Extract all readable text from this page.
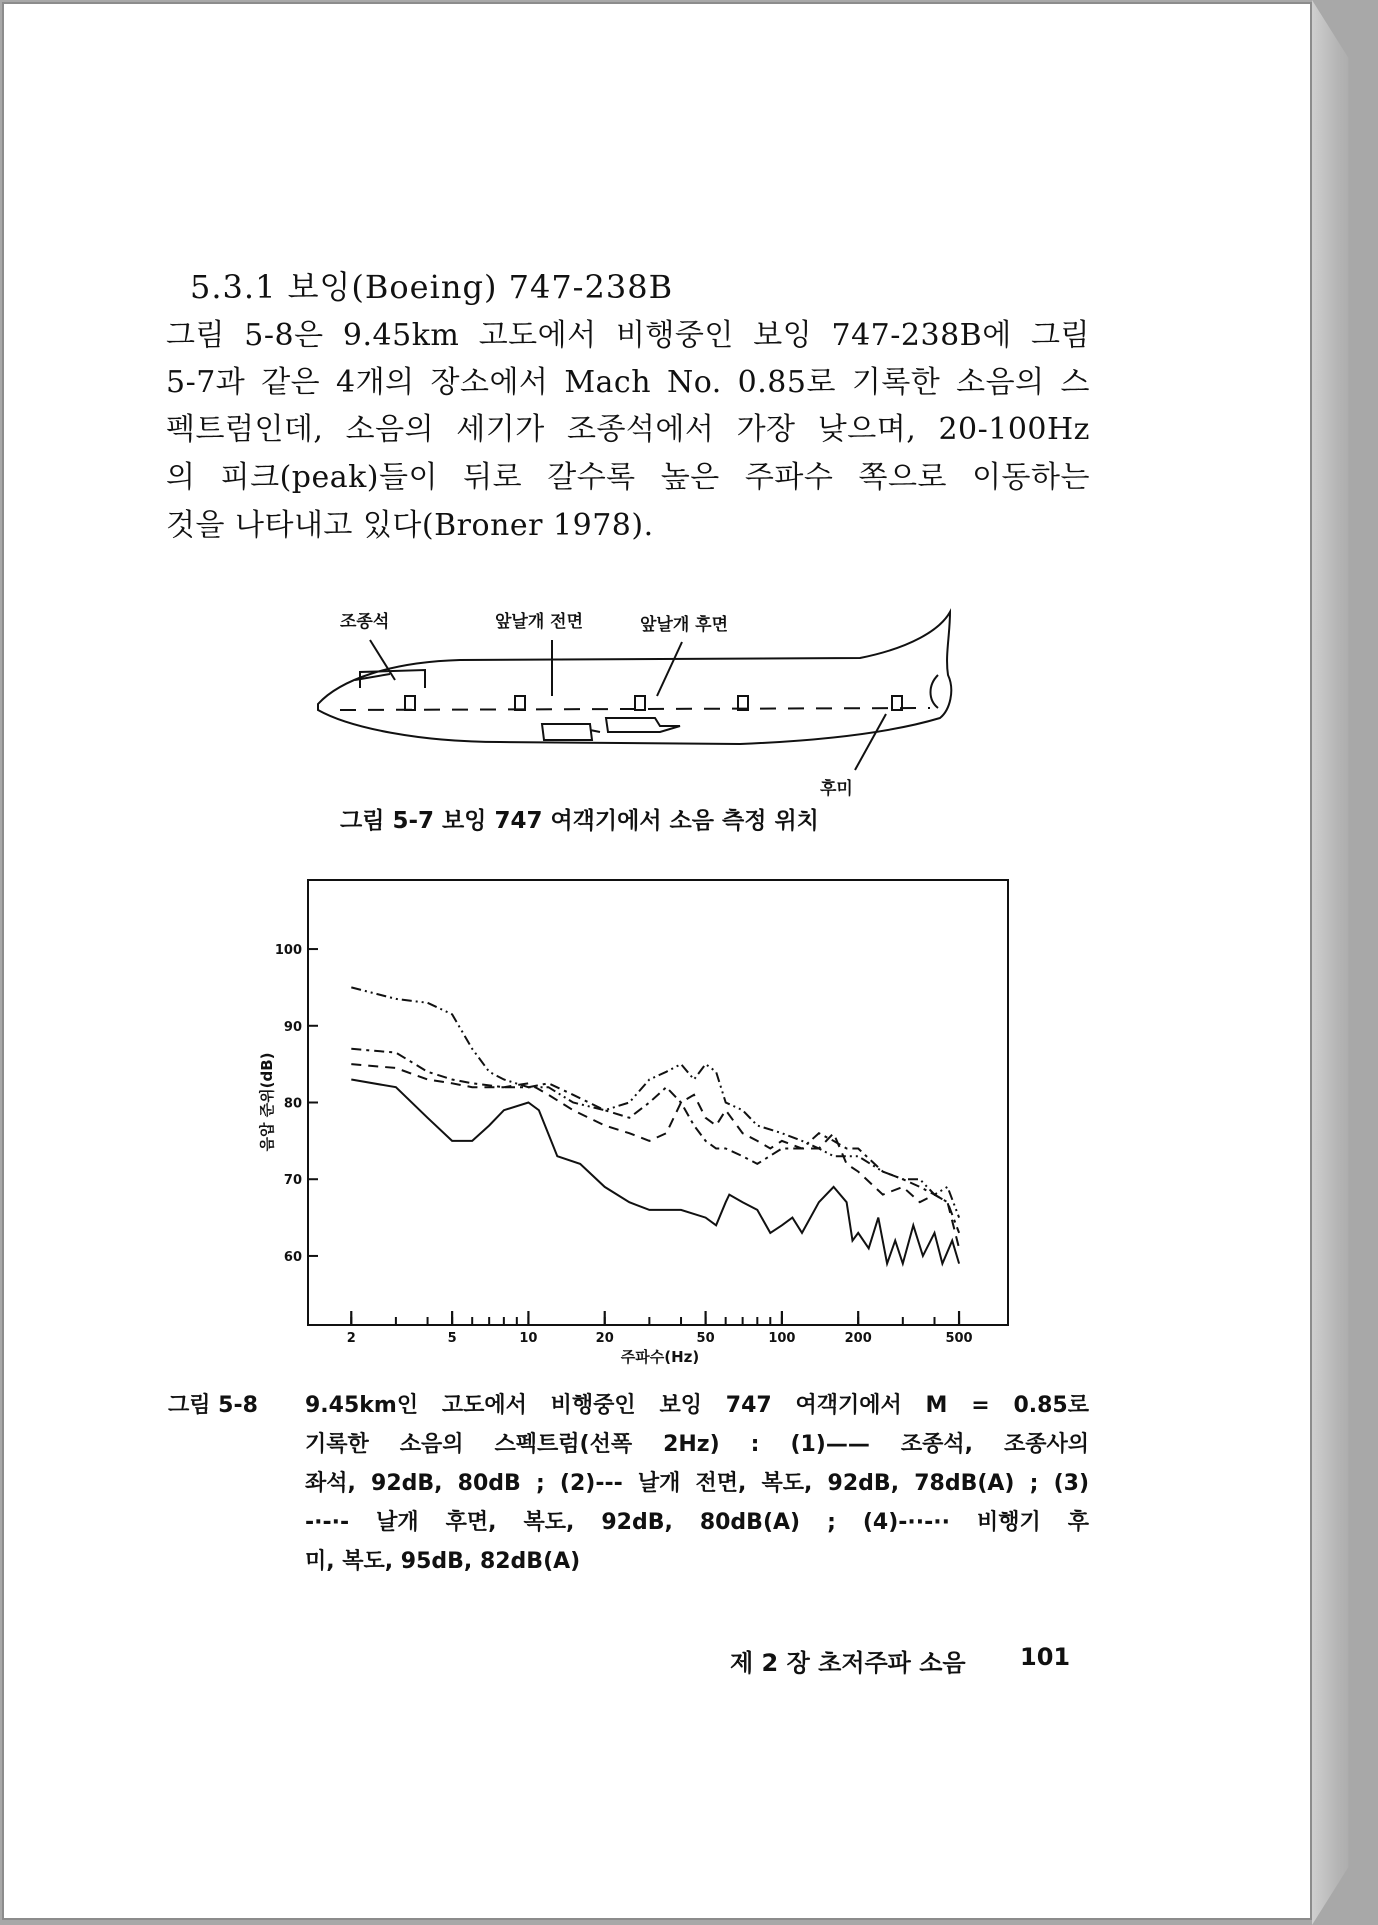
5.3.1 보잉(Boeing) 747-238B
그림 5-8은 9.45km 고도에서 비행중인 보잉 747-238B에 그림
5-7과 같은 4개의 장소에서 Mach No. 0.85로 기록한 소음의 스
펙트럼인데, 소음의 세기가 조종석에서 가장 낮으며, 20-100Hz
의 피크(peak)들이 뒤로 갈수록 높은 주파수 쪽으로 이동하는
것을 나타내고 있다(Broner 1978).
조종석	앞날개 전면	앞날개 후면
후미
그림 5-7 보잉 747 여객기에서 소음 측정 위치
60
70
80
90
100
2	5	10	20	50	100	200	500
주파수(Hz)
음압 준위(dB)
그림 5-8 9.45km인 고도에서 비행중인 보잉 747 여객기에서 M = 0.85로
기록한 소음의 스펙트럼(선폭 2Hz) : (1)—— 조종석, 조종사의
좌석, 92dB, 80dB ; (2)--- 날개 전면, 복도, 92dB, 78dB(A) ; (3)
-·-·- 날개 후면, 복도, 92dB, 80dB(A) ; (4)-··-·· 비행기 후
미, 복도, 95dB, 82dB(A)
제 2 장 초저주파 소음 101
